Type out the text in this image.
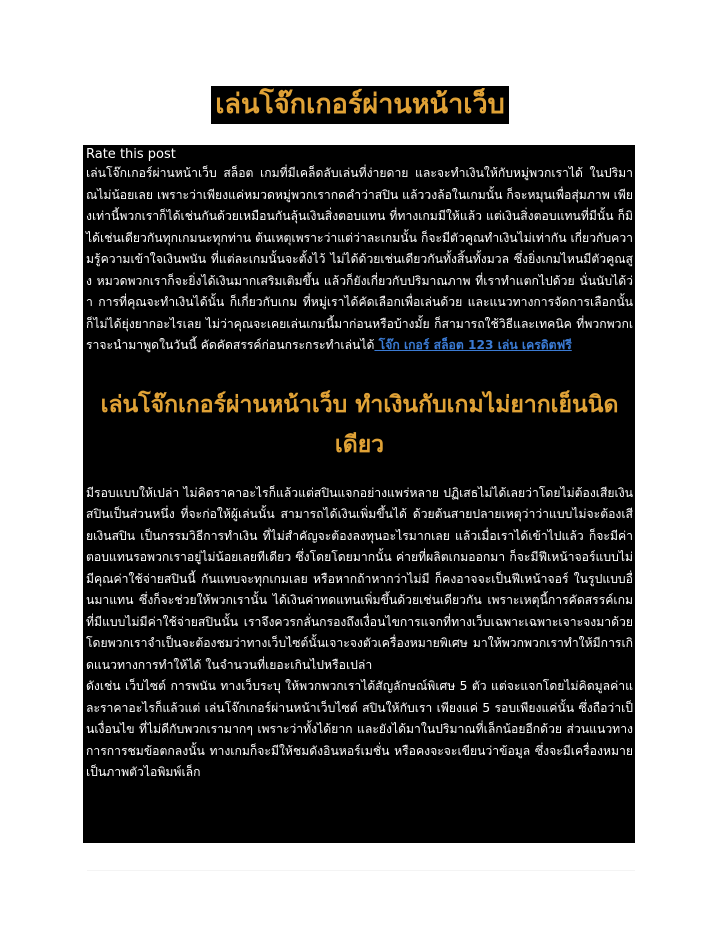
เล่นโจ๊กเกอร์ผ่านหน้าเว็บ

Rate this post

เล่นโจ๊กเกอร์ผ่านหน้าเว็บ สล็อต เกมที่มีเคล็ดลับเล่นที่ง่ายดาย และจะทำเงินให้กับหมู่พวกเราได้ ในปริมาณไม่น้อยเลย เพราะว่าเพียงแค่หมวดหมู่พวกเรากดคำว่าสปิน แล้ววงล้อในเกมนั้น ก็จะหมุนเพื่อสุ่มภาพ เพียงเท่านี้พวกเราก็ได้เช่นกันด้วยเหมือนกันลุ้นเงินสิ่งตอบแทน ที่ทางเกมมีให้แล้ว แต่เงินสิ่งตอบแทนที่มีนั้น ก็มิได้เช่นเดียวกันทุกเกมนะทุกท่าน ต้นเหตุเพราะว่าแต่ว่าละเกมนั้น ก็จะมีตัวคูณทำเงินไม่เท่ากัน เกี่ยวกับความรู้ความเข้าใจเงินพนัน ที่แต่ละเกมนั้นจะตั้งไว้ ไม่ได้ด้วยเช่นเดียวกันทั้งสิ้นทั้งมวล ซึ่งยิ่งเกมไหนมีตัวคูณสูง หมวดพวกเราก็จะยิ่งได้เงินมากเสริมเติมขึ้น แล้วก็ยังเกี่ยวกับปริมาณภาพ ที่เราทำแตกไปด้วย นั่นนับได้ว่า การที่คุณจะทำเงินได้นั้น ก็เกี่ยวกับเกม ที่หมู่เราได้คัดเลือกเพื่อเล่นด้วย และแนวทางการจัดการเลือกนั้น ก็ไม่ได้ยุ่งยากอะไรเลย ไม่ว่าคุณจะเคยเล่นเกมนี้มาก่อนหรือบ้างมั้ย ก็สามารถใช้วิธีและเทคนิค ที่พวกพวกเราจะนำมาพูดในวันนี้ คัดคัดสรรค์ก่อนกระกระทำเล่นได้ โจ๊ก เกอร์ สล็อต 123 เล่น เครดิตฟรี

เล่นโจ๊กเกอร์ผ่านหน้าเว็บ ทำเงินกับเกมไม่ยากเย็นนิดเดียว

มีรอบแบบให้เปล่า ไม่คิดราคาอะไรก็แล้วแต่สปินแจกอย่างแพร่หลาย ปฏิเสธไม่ได้เลยว่าโดยไม่ต้องเสียเงินสปินเป็นส่วนหนึ่ง ที่จะก่อให้ผู้เล่นนั้น สามารถได้เงินเพิ่มขึ้นได้ ด้วยต้นสายปลายเหตุว่าว่าแบบไม่จะต้องเสียเงินสปิน เป็นกรรมวิธีการทำเงิน ที่ไม่สำคัญจะต้องลงทุนอะไรมากเลย แล้วเมื่อเราได้เข้าไปแล้ว ก็จะมีค่าตอบแทนรอพวกเราอยู่ไม่น้อยเลยทีเดียว ซึ่งโดยโดยมากนั้น ค่ายที่ผลิตเกมออกมา ก็จะมีฟีเหน้าจอร์แบบไม่มีคุณค่าใช้จ่ายสปินนี้ กันแทบจะทุกเกมเลย หรือหากถ้าหากว่าไม่มี ก็คงอาจจะเป็นฟีเหน้าจอร์ ในรูปแบบอื่นมาแทน ซึ่งก็จะช่วยให้พวกเรานั้น ได้เงินค่าทดแทนเพิ่มขึ้นด้วยเช่นเดียวกัน เพราะเหตุนี้การคัดสรรค์เกม ที่มีแบบไม่มีค่าใช้จ่ายสปินนั้น เราจึงควรกลั่นกรองถึงเงื่อนไขการแจกที่ทางเว็บเฉพาะเฉพาะเจาะจงมาด้วย โดยพวกเราจำเป็นจะต้องชมว่าทางเว็บไซต์นั้นเจาะจงตัวเครื่องหมายพิเศษ มาให้พวกพวกเราทำให้มีการเกิดแนวทางการทำให้ได้ ในจำนวนที่เยอะเกินไปหรือเปล่า

ดังเช่น เว็บไซต์ การพนัน ทางเว็บระบุ ให้พวกพวกเราได้สัญลักษณ์พิเศษ 5 ตัว แต่จะแจกโดยไม่คิดมูลค่าและราคาอะไรก็แล้วแต่ เล่นโจ๊กเกอร์ผ่านหน้าเว็บไซต์ สปินให้กับเรา เพียงแค่ 5 รอบเพียงแค่นั้น ซึ่งถือว่าเป็นเงื่อนไข ที่ไม่ดีกับพวกเรามากๆ เพราะว่าทั้งได้ยาก และยังได้มาในปริมาณที่เล็กน้อยอีกด้วย ส่วนแนวทางการการชมข้อตกลงนั้น ทางเกมก็จะมีให้ชมดังอินหอร์เมชั่น หรือคงจะจะเขียนว่าข้อมูล ซึ่งจะมีเครื่องหมายเป็นภาพตัวไอพิมพ์เล็ก
